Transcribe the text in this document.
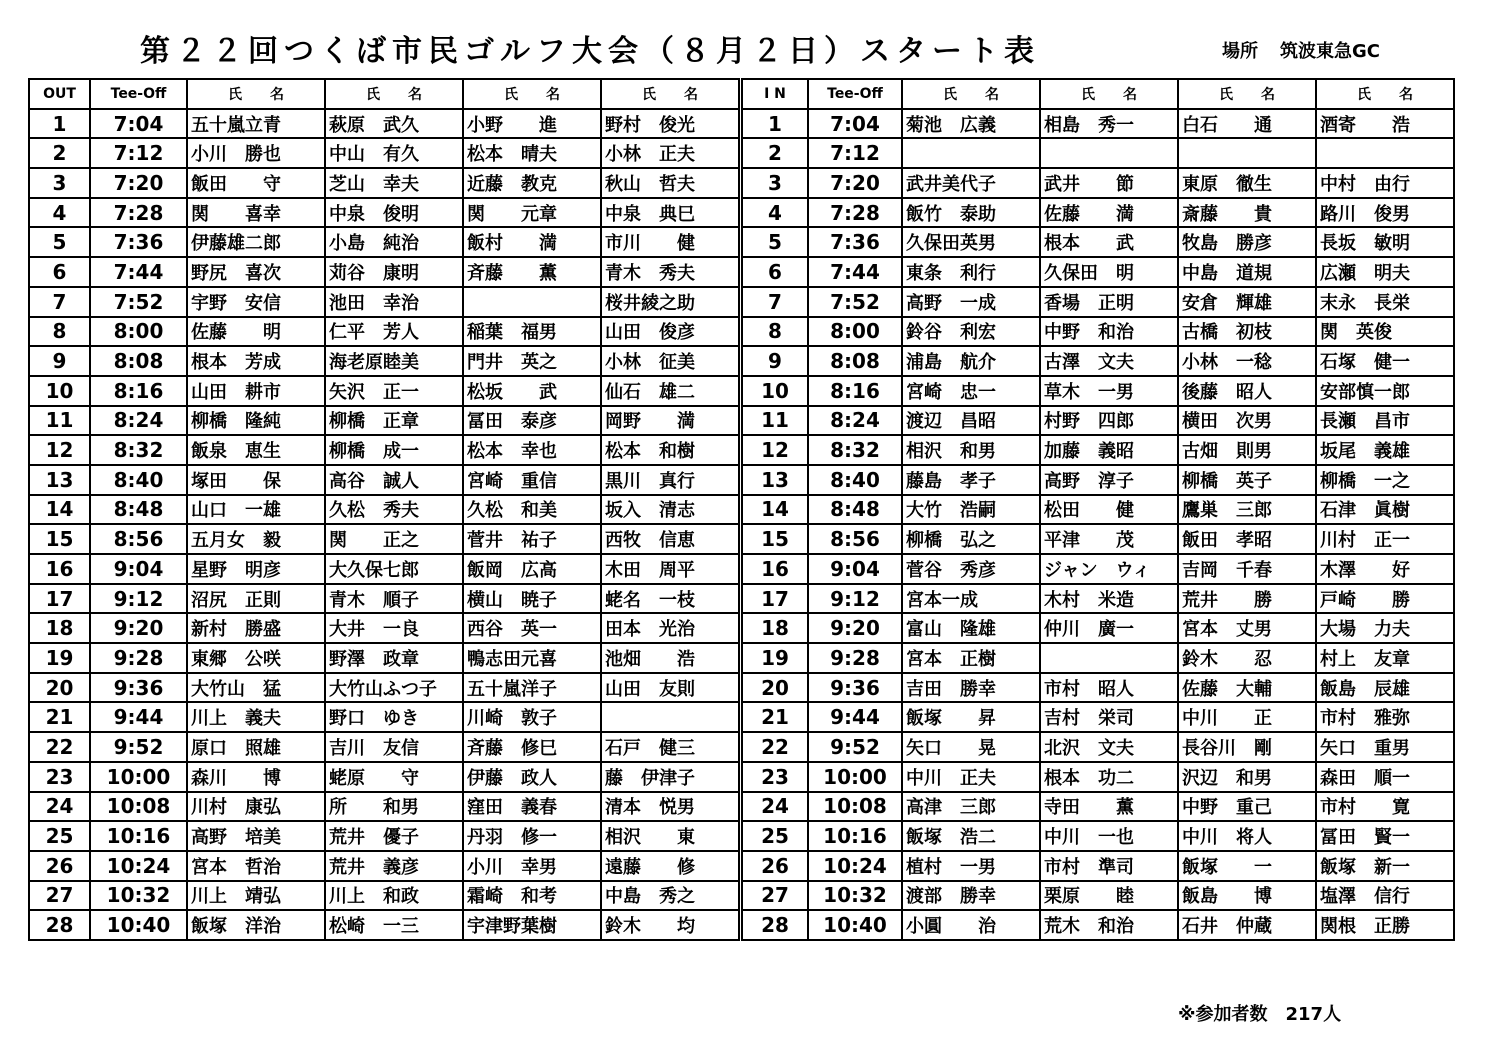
第２２回つくば市民ゴルフ大会（８月２日）スタート表	場所 筑波東急GC
OUT	Tee-Off	氏　　名	氏　　名	氏　　名	氏　　名
1	7:04	五十嵐立青	萩原　武久	小野　　進	野村　俊光
2	7:12	小川　勝也	中山　有久	松本　晴夫	小林　正夫
3	7:20	飯田　　守	芝山　幸夫	近藤　教克	秋山　哲夫
4	7:28	関　　喜幸	中泉　俊明	関　　元章	中泉　典巳
5	7:36	伊藤雄二郎	小島　純治	飯村　　満	市川　　健
6	7:44	野尻　喜次	苅谷　康明	斉藤　　薫	青木　秀夫
7	7:52	宇野　安信	池田　幸治		桜井綾之助
8	8:00	佐藤　　明	仁平　芳人	稲葉　福男	山田　俊彦
9	8:08	根本　芳成	海老原睦美	門井　英之	小林　征美
10	8:16	山田　耕市	矢沢　正一	松坂　　武	仙石　雄二
11	8:24	柳橋　隆純	柳橋　正章	冨田　泰彦	岡野　　満
12	8:32	飯泉　恵生	柳橋　成一	松本　幸也	松本　和樹
13	8:40	塚田　　保	高谷　誠人	宮崎　重信	黒川　真行
14	8:48	山口　一雄	久松　秀夫	久松　和美	坂入　清志
15	8:56	五月女　毅	関　　正之	菅井　祐子	西牧　信恵
16	9:04	星野　明彦	大久保七郎	飯岡　広高	木田　周平
17	9:12	沼尻　正則	青木　順子	横山　暁子	蛯名　一枝
18	9:20	新村　勝盛	大井　一良	西谷　英一	田本　光治
19	9:28	東郷　公咲	野澤　政章	鴨志田元喜	池畑　　浩
20	9:36	大竹山　猛	大竹山ふつ子	五十嵐洋子	山田　友則
21	9:44	川上　義夫	野口　ゆき	川崎　敦子	
22	9:52	原口　照雄	吉川　友信	斉藤　修巳	石戸　健三
23	10:00	森川　　博	蛯原　　守	伊藤　政人	藤　伊津子
24	10:08	川村　康弘	所　　和男	窪田　義春	清本　悦男
25	10:16	高野　培美	荒井　優子	丹羽　修一	相沢　　東
26	10:24	宮本　哲治	荒井　義彦	小川　幸男	遠藤　　修
27	10:32	川上　靖弘	川上　和政	霜崎　和考	中島　秀之
28	10:40	飯塚　洋治	松崎　一三	宇津野葉樹	鈴木　　均
I N	Tee-Off	氏　　名	氏　　名	氏　　名	氏　　名
1	7:04	菊池　広義	相島　秀一	白石　　通	酒寄　　浩
2	7:12				
3	7:20	武井美代子	武井　　節	東原　徹生	中村　由行
4	7:28	飯竹　泰助	佐藤　　満	斎藤　　貴	路川　俊男
5	7:36	久保田英男	根本　　武	牧島　勝彦	長坂　敏明
6	7:44	東条　利行	久保田　明	中島　道規	広瀬　明夫
7	7:52	高野　一成	香場　正明	安倉　輝雄	末永　長栄
8	8:00	鈴谷　利宏	中野　和治	古橋　初枝	関　英俊
9	8:08	浦島　航介	古澤　文夫	小林　一稔	石塚　健一
10	8:16	宮崎　忠一	草木　一男	後藤　昭人	安部慎一郎
11	8:24	渡辺　昌昭	村野　四郎	横田　次男	長瀬　昌市
12	8:32	相沢　和男	加藤　義昭	古畑　則男	坂尾　義雄
13	8:40	藤島　孝子	高野　淳子	柳橋　英子	柳橋　一之
14	8:48	大竹　浩嗣	松田　　健	鷹巣　三郎	石津　眞樹
15	8:56	柳橋　弘之	平津　　茂	飯田　孝昭	川村　正一
16	9:04	菅谷　秀彦	ジャン　ウィ	吉岡　千春	木澤　　好
17	9:12	宮本一成	木村　米造	荒井　　勝	戸崎　　勝
18	9:20	富山　隆雄	仲川　廣一	宮本　丈男	大場　力夫
19	9:28	宮本　正樹		鈴木　　忍	村上　友章
20	9:36	吉田　勝幸	市村　昭人	佐藤　大輔	飯島　辰雄
21	9:44	飯塚　　昇	吉村　栄司	中川　　正	市村　雅弥
22	9:52	矢口　　晃	北沢　文夫	長谷川　剛	矢口　重男
23	10:00	中川　正夫	根本　功二	沢辺　和男	森田　順一
24	10:08	高津　三郎	寺田　　薫	中野　重己	市村　　寛
25	10:16	飯塚　浩二	中川　一也	中川　将人	冨田　賢一
26	10:24	植村　一男	市村　準司	飯塚　　一	飯塚　新一
27	10:32	渡部　勝幸	栗原　　睦	飯島　　博	塩澤　信行
28	10:40	小圓　　治	荒木　和治	石井　仲蔵	関根　正勝
※参加者数　217人
